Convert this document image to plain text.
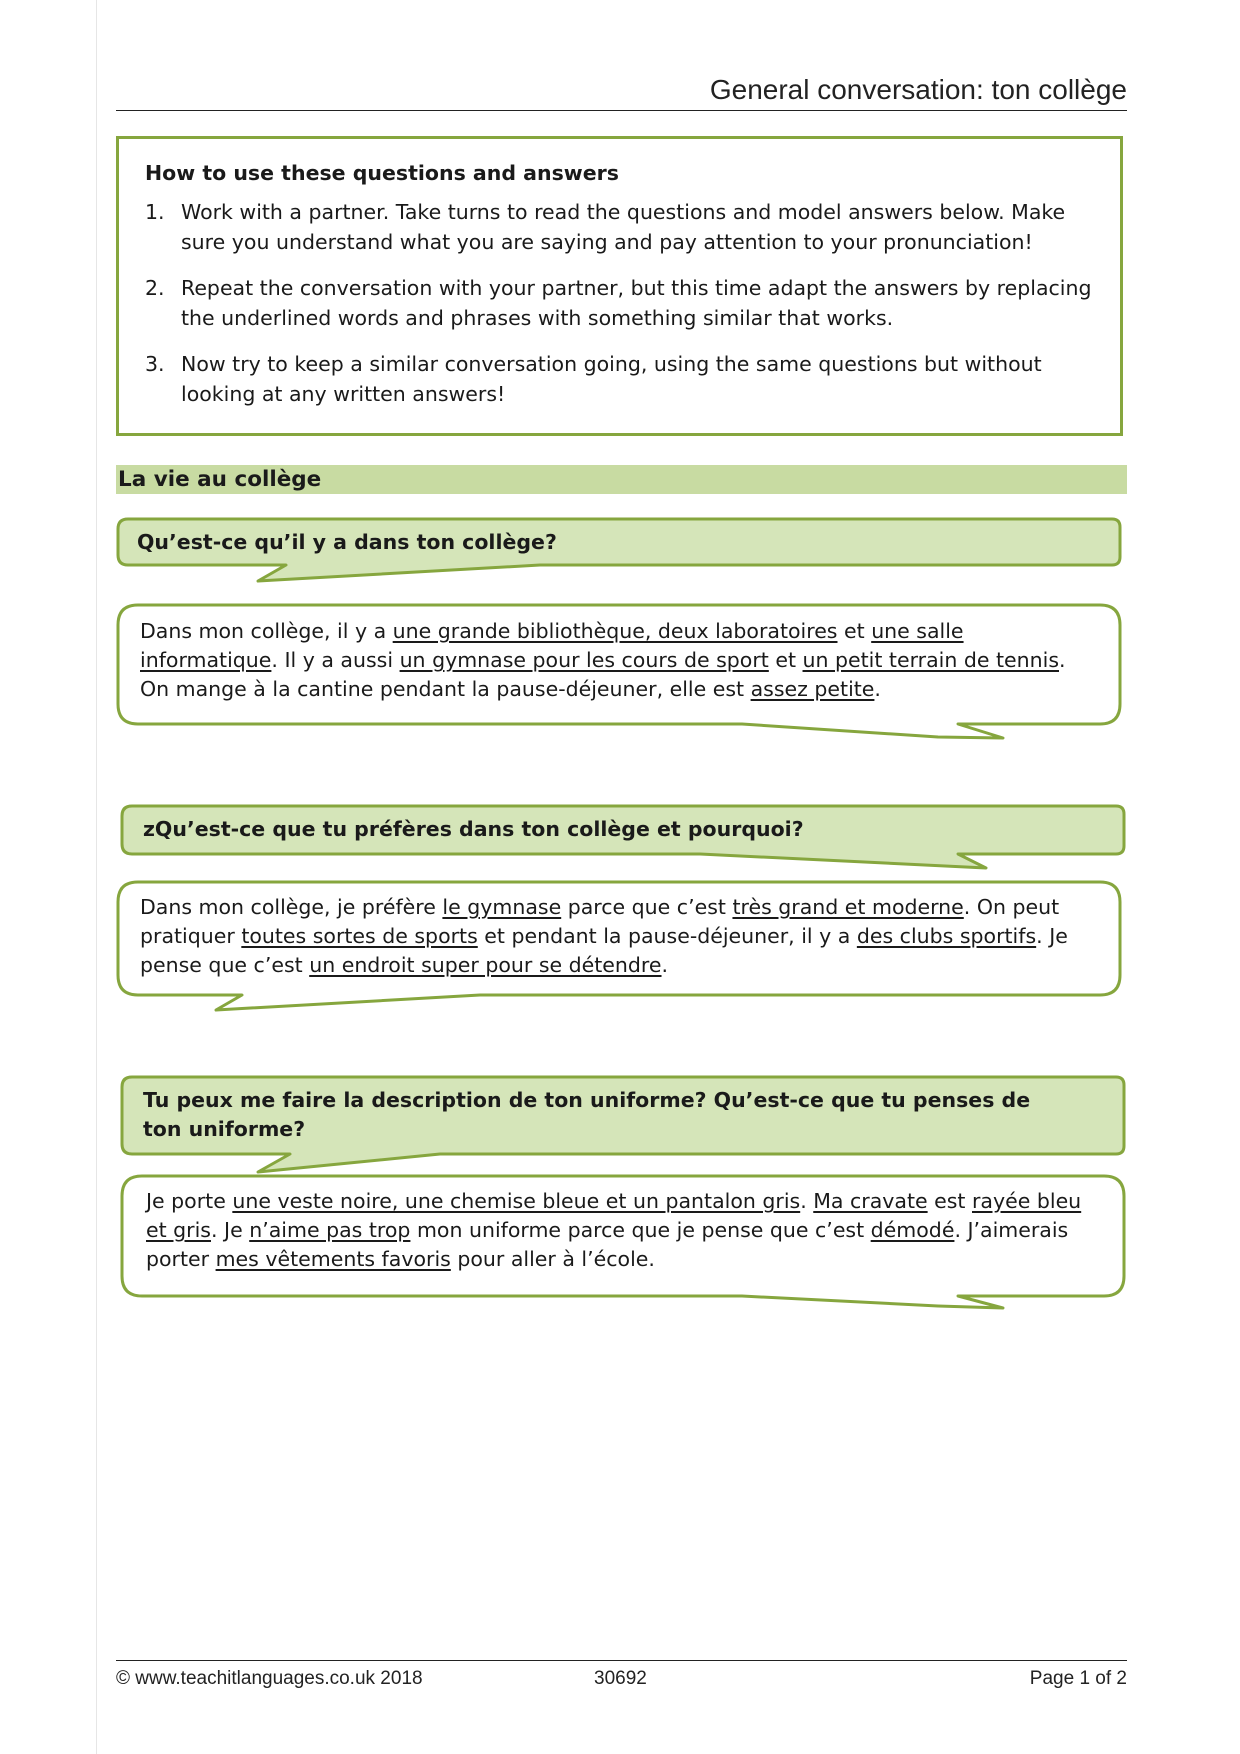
General conversation: ton collège
How to use these questions and answers
1. Work with a partner. Take turns to read the questions and model answers below. Make sure you understand what you are saying and pay attention to your pronunciation!
2. Repeat the conversation with your partner, but this time adapt the answers by replacing the underlined words and phrases with something similar that works.
3. Now try to keep a similar conversation going, using the same questions but without looking at any written answers!
La vie au collège
Qu’est-ce qu’il y a dans ton collège?
Dans mon collège, il y a une grande bibliothèque, deux laboratoires et une salle informatique. Il y a aussi un gymnase pour les cours de sport et un petit terrain de tennis. On mange à la cantine pendant la pause-déjeuner, elle est assez petite.
zQu’est-ce que tu préfères dans ton collège et pourquoi?
Dans mon collège, je préfère le gymnase parce que c’est très grand et moderne. On peut pratiquer toutes sortes de sports et pendant la pause-déjeuner, il y a des clubs sportifs. Je pense que c’est un endroit super pour se détendre.
Tu peux me faire la description de ton uniforme? Qu’est-ce que tu penses de ton uniforme?
Je porte une veste noire, une chemise bleue et un pantalon gris. Ma cravate est rayée bleu et gris. Je n’aime pas trop mon uniforme parce que je pense que c’est démodé. J’aimerais porter mes vêtements favoris pour aller à l’école.
© www.teachitlanguages.co.uk 2018	30692	Page 1 of 2
